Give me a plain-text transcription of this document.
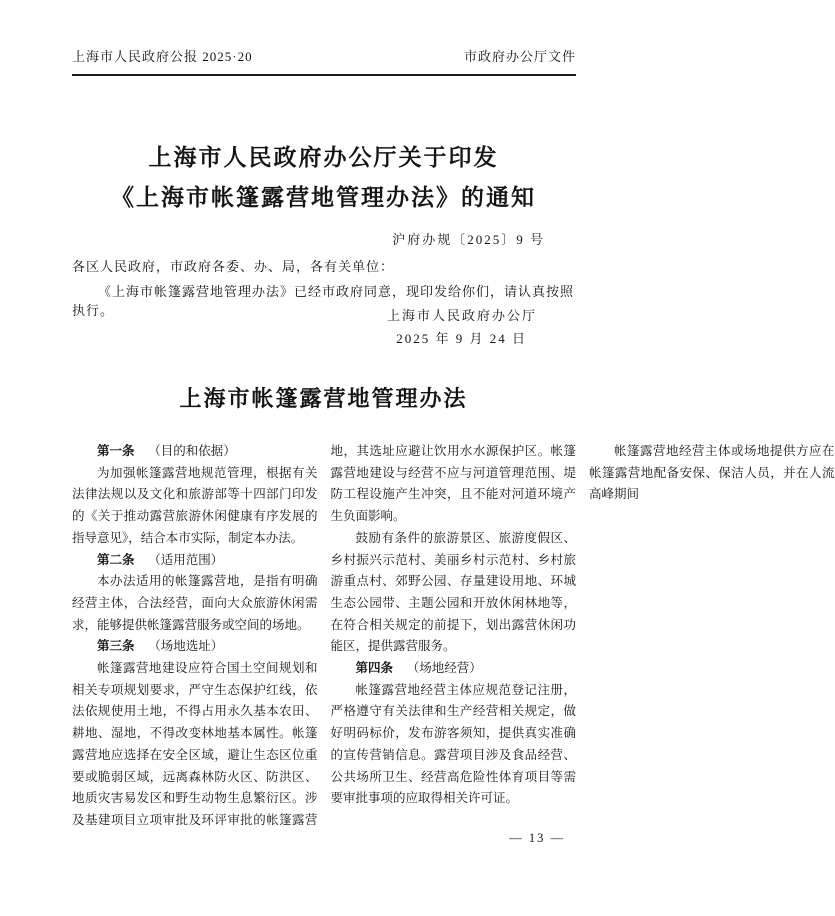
上海市人民政府公报 2025·20	市政府办公厅文件
上海市人民政府办公厅关于印发
《上海市帐篷露营地管理办法》的通知
沪府办规〔2025〕9 号
各区人民政府，市政府各委、办、局，各有关单位：
《上海市帐篷露营地管理办法》已经市政府同意，现印发给你们，请认真按照执行。	上海市人民政府办公厅
2025 年 9 月 24 日
上海市帐篷露营地管理办法

第一条 （目的和依据）

为加强帐篷露营地规范管理，根据有关法律法规以及文化和旅游部等十四部门印发的《关于推动露营旅游休闲健康有序发展的指导意见》，结合本市实际，制定本办法。

第二条 （适用范围）

本办法适用的帐篷露营地，是指有明确经营主体，合法经营，面向大众旅游休闲需求，能够提供帐篷露营服务或空间的场地。

第三条 （场地选址）

帐篷露营地建设应符合国土空间规划和相关专项规划要求，严守生态保护红线，依法依规使用土地，不得占用永久基本农田、耕地、湿地，不得改变林地基本属性。帐篷露营地应选择在安全区域，避让生态区位重要或脆弱区域，远离森林防火区、防洪区、地质灾害易发区和野生动物生息繁衍区。涉及基建项目立项审批及环评审批的帐篷露营地，其选址应避让饮用水水源保护区。帐篷露营地建设与经营不应与河道管理范围、堤防工程设施产生冲突，且不能对河道环境产生负面影响。

鼓励有条件的旅游景区、旅游度假区、乡村振兴示范村、美丽乡村示范村、乡村旅游重点村、郊野公园、存量建设用地、环城生态公园带、主题公园和开放休闲林地等，在符合相关规定的前提下，划出露营休闲功能区，提供露营服务。

第四条 （场地经营）

帐篷露营地经营主体应规范登记注册，严格遵守有关法律和生产经营相关规定，做好明码标价，发布游客须知，提供真实准确的宣传营销信息。露营项目涉及食品经营、公共场所卫生、经营高危险性体育项目等需要审批事项的应取得相关许可证。

帐篷露营地经营主体或场地提供方应在帐篷露营地配备安保、保洁人员，并在人流高峰期间

— 13 —
